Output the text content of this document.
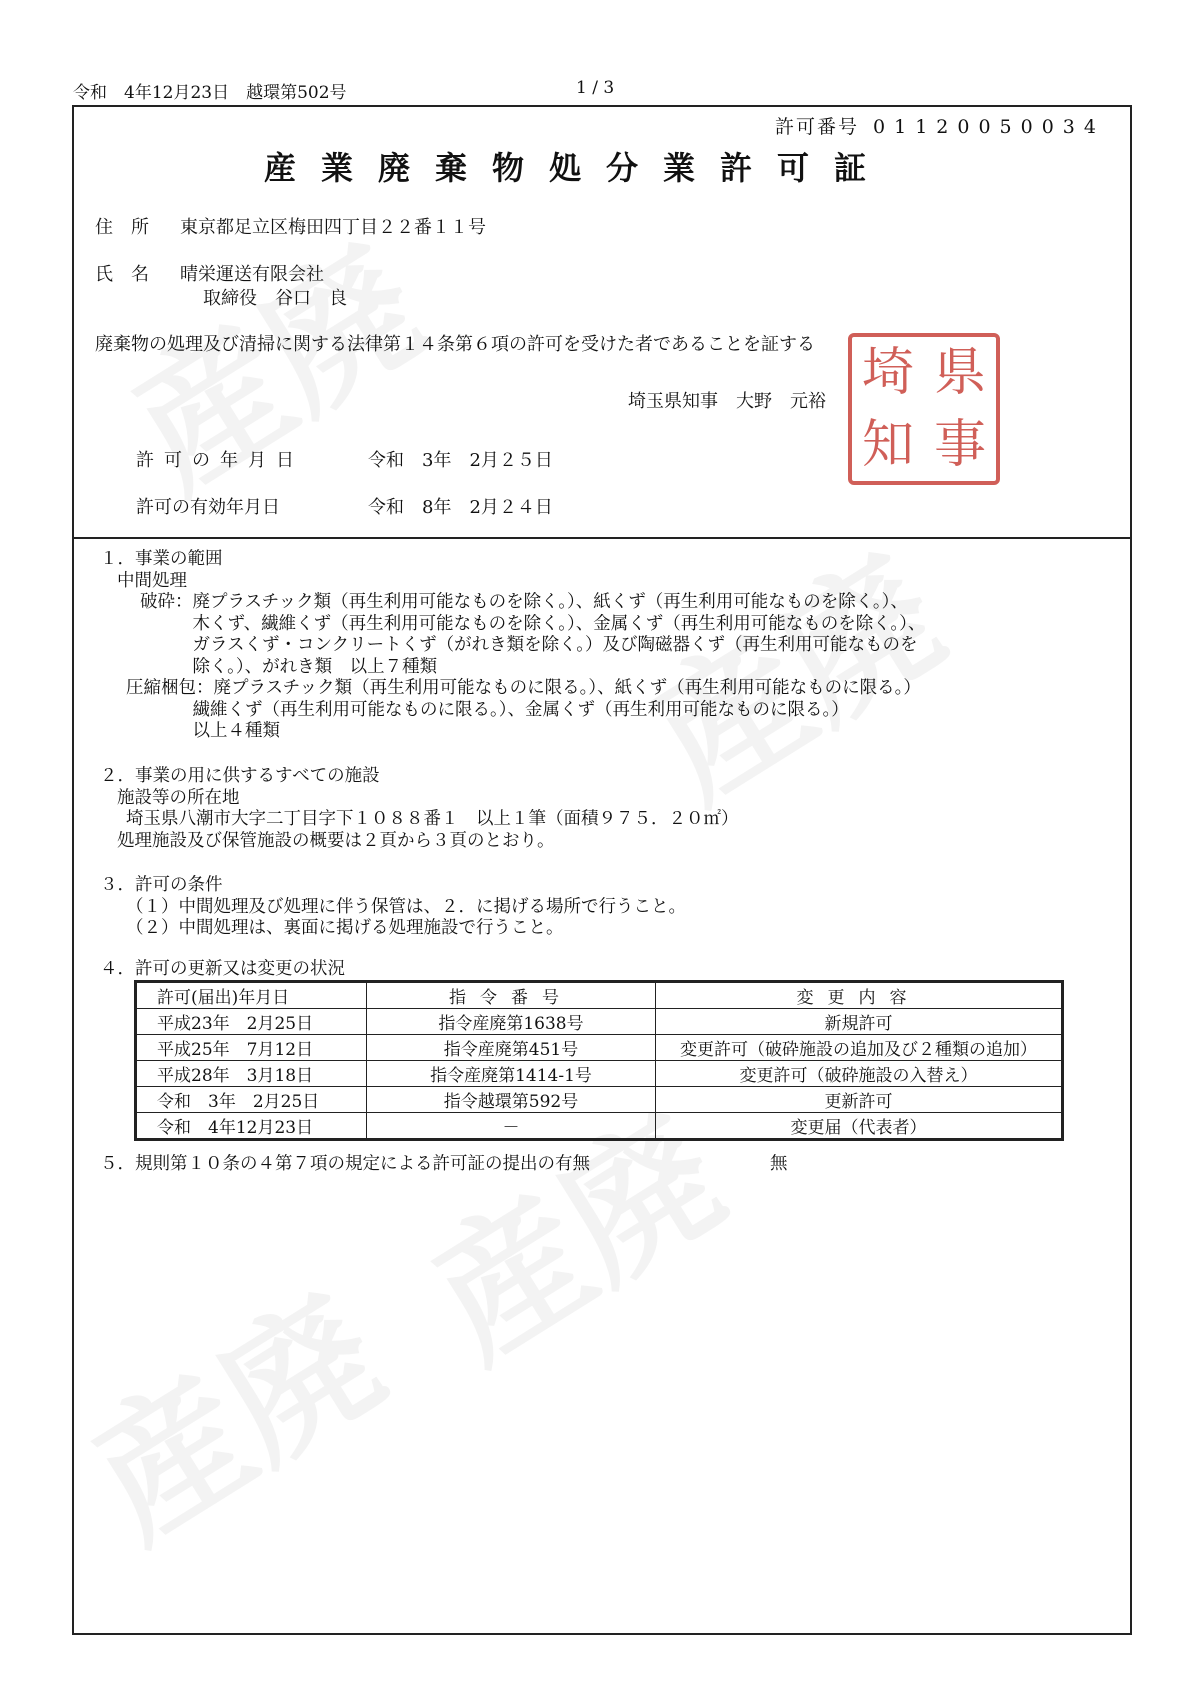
令和　4年12月23日　越環第502号	1 / 3
許可番号 01120050034
産業廃棄物処分業許可証
住　所 東京都足立区梅田四丁目２２番１１号
氏　名 晴栄運送有限会社
取締役　谷口　良
廃棄物の処理及び清掃に関する法律第１４条第６項の許可を受けた者であることを証する
埼玉県知事　大野　元裕 埼 県
知 事
許可の年月日	令和　3年　2月２５日
許可の有効年月日	令和　8年　2月２４日
１．事業の範囲
中間処理
破砕：廃プラスチック類（再生利用可能なものを除く。）、紙くず（再生利用可能なものを除く。）、
　　　木くず、繊維くず（再生利用可能なものを除く。）、金属くず（再生利用可能なものを除く。）、
　　　ガラスくず・コンクリートくず（がれき類を除く。）及び陶磁器くず（再生利用可能なものを
　　　除く。）、がれき類　以上７種類
圧縮梱包：廃プラスチック類（再生利用可能なものに限る。）、紙くず（再生利用可能なものに限る。）
　　　繊維くず（再生利用可能なものに限る。）、金属くず（再生利用可能なものに限る。）
　　　以上４種類
２．事業の用に供するすべての施設
施設等の所在地
埼玉県八潮市大字二丁目字下１０８８番１　以上１筆（面積９７５．２０㎡）
処理施設及び保管施設の概要は２頁から３頁のとおり。
３．許可の条件
（１）中間処理及び処理に伴う保管は、２．に掲げる場所で行うこと。
（２）中間処理は、裏面に掲げる処理施設で行うこと。
４．許可の更新又は変更の状況
許可(届出)年月日	指令番号	変更内容
平成23年　2月25日	指令産廃第1638号	新規許可
平成25年　7月12日	指令産廃第451号	変更許可（破砕施設の追加及び２種類の追加）
平成28年　3月18日	指令産廃第1414-1号	変更許可（破砕施設の入替え）
令和　3年　2月25日	指令越環第592号	更新許可
令和　4年12月23日	－	変更届（代表者）
５．規則第１０条の４第７項の規定による許可証の提出の有無	無
